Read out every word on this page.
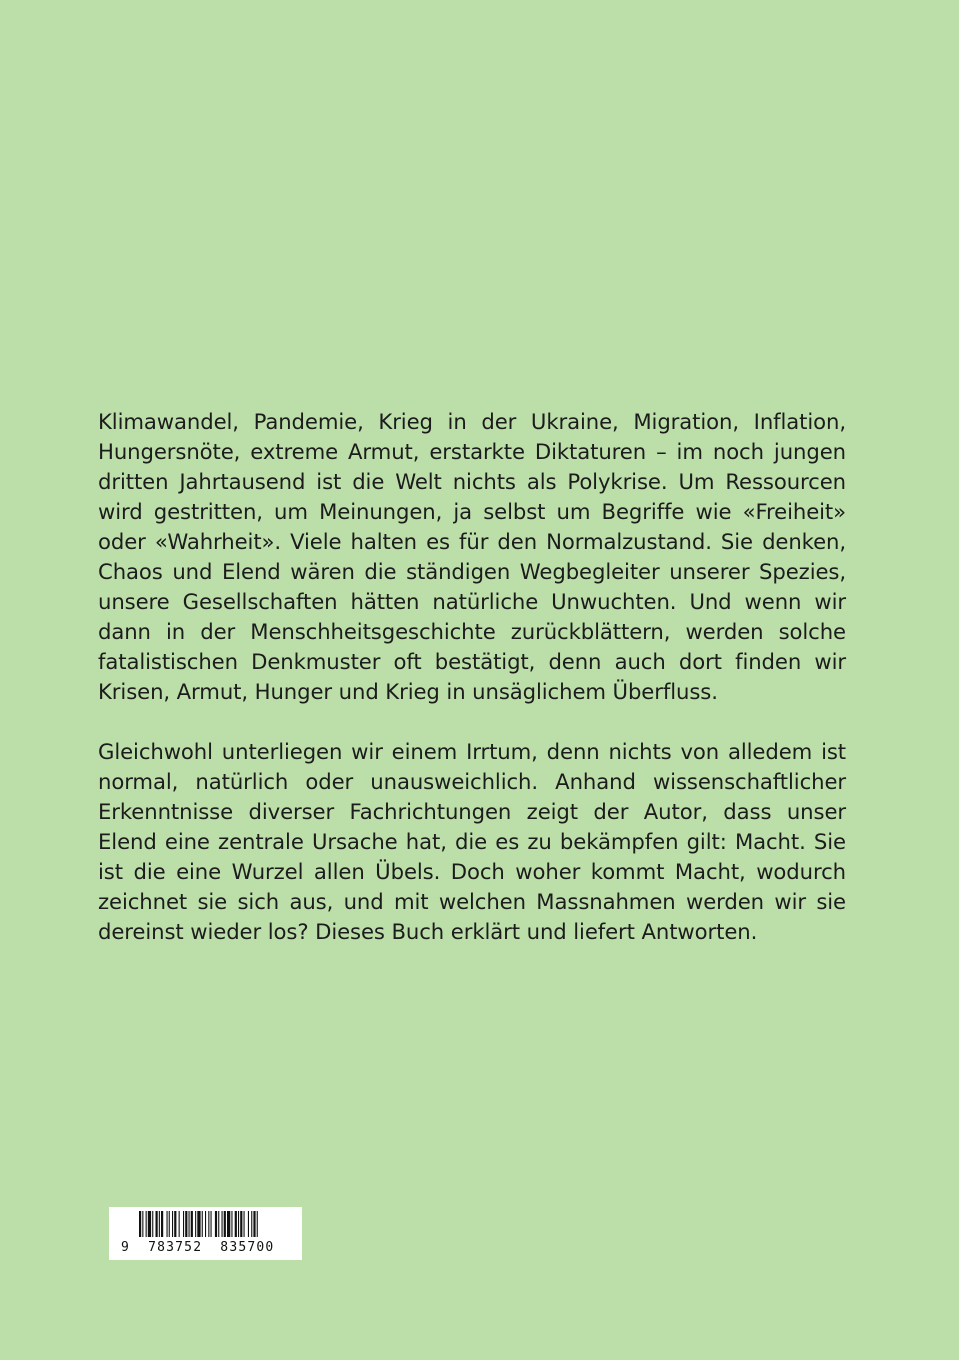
Klimawandel, Pandemie, Krieg in der Ukraine, Migration, Inflation, Hungersnöte, extreme Armut, erstarkte Diktaturen – im noch jungen dritten Jahrtausend ist die Welt nichts als Polykrise. Um Ressourcen wird gestritten, um Meinungen, ja selbst um Begriffe wie «Freiheit» oder «Wahrheit». Viele halten es für den Normalzustand. Sie denken, Chaos und Elend wären die ständigen Wegbegleiter unserer Spezies, unsere Gesellschaften hätten natürliche Unwuchten. Und wenn wir dann in der Menschheitsgeschichte zurückblättern, werden solche fatalistischen Denkmuster oft bestätigt, denn auch dort finden wir Krisen, Armut, Hunger und Krieg in unsäglichem Überfluss.

Gleichwohl unterliegen wir einem Irrtum, denn nichts von alledem ist normal, natürlich oder unausweichlich. Anhand wissenschaftlicher Erkenntnisse diverser Fachrichtungen zeigt der Autor, dass unser Elend eine zentrale Ursache hat, die es zu bekämpfen gilt: Macht. Sie ist die eine Wurzel allen Übels. Doch woher kommt Macht, wodurch zeichnet sie sich aus, und mit welchen Massnahmen werden wir sie dereinst wieder los? Dieses Buch erklärt und liefert Antworten.

9  783752  835700
